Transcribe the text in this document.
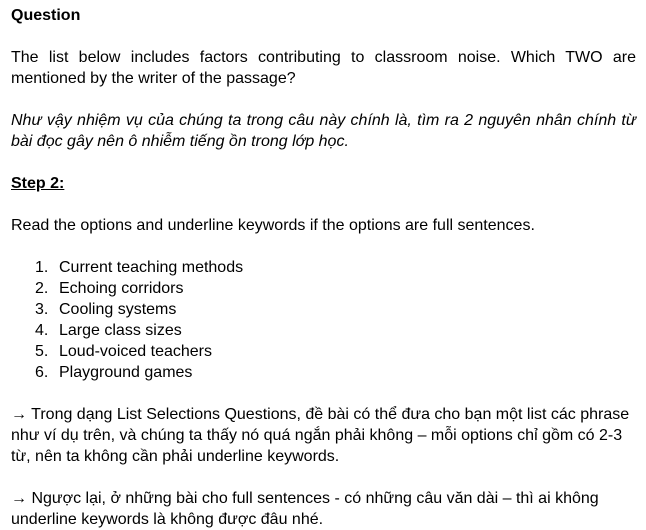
Question

The list below includes factors contributing to classroom noise. Which TWO are mentioned by the writer of the passage?

Như vậy nhiệm vụ của chúng ta trong câu này chính là, tìm ra 2 nguyên nhân chính từ bài đọc gây nên ô nhiễm tiếng ồn trong lớp học.

Step 2:

Read the options and underline keywords if the options are full sentences.

1. Current teaching methods
2. Echoing corridors
3. Cooling systems
4. Large class sizes
5. Loud-voiced teachers
6. Playground games

→ Trong dạng List Selections Questions, đề bài có thể đưa cho bạn một list các phrase như ví dụ trên, và chúng ta thấy nó quá ngắn phải không – mỗi options chỉ gồm có 2-3 từ, nên ta không cần phải underline keywords.

→ Ngược lại, ở những bài cho full sentences - có những câu văn dài – thì ai không underline keywords là không được đâu nhé.
